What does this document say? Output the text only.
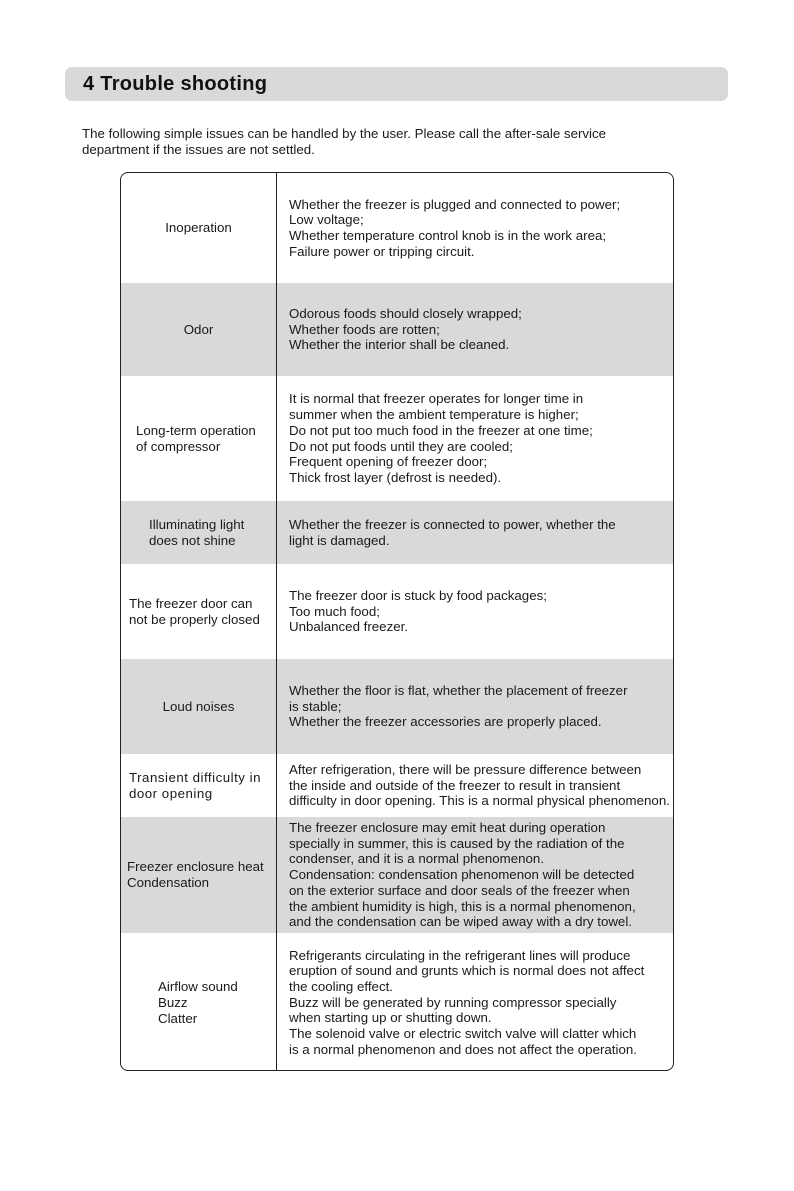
4 Trouble shooting

The following simple issues can be handled by the user. Please call the after-sale service
department if the issues are not settled.

Inoperation
Whether the freezer is plugged and connected to power;
Low voltage;
Whether temperature control knob is in the work area;
Failure power or tripping circuit.
Odor
Odorous foods should closely wrapped;
Whether foods are rotten;
Whether the interior shall be cleaned.
Long-term operation
of compressor
It is normal that freezer operates for longer time in
summer when the ambient temperature is higher;
Do not put too much food in the freezer at one time;
Do not put foods until they are cooled;
Frequent opening of freezer door;
Thick frost layer (defrost is needed).
Illuminating light
does not shine
Whether the freezer is connected to power, whether the
light is damaged.
The freezer door can
not be properly closed
The freezer door is stuck by food packages;
Too much food;
Unbalanced freezer.
Loud noises
Whether the floor is flat, whether the placement of freezer
is stable;
Whether the freezer accessories are properly placed.
Transient difficulty in
door opening
After refrigeration, there will be pressure difference between
the inside and outside of the freezer to result in transient
difficulty in door opening. This is a normal physical phenomenon.
Freezer enclosure heat
Condensation
The freezer enclosure may emit heat during operation
specially in summer, this is caused by the radiation of the
condenser, and it is a normal phenomenon.
Condensation: condensation phenomenon will be detected
on the exterior surface and door seals of the freezer when
the ambient humidity is high, this is a normal phenomenon,
and the condensation can be wiped away with a dry towel.
Airflow sound
Buzz
Clatter
Refrigerants circulating in the refrigerant lines will produce
eruption of sound and grunts which is normal does not affect
the cooling effect.
Buzz will be generated by running compressor specially
when starting up or shutting down.
The solenoid valve or electric switch valve will clatter which
is a normal phenomenon and does not affect the operation.
